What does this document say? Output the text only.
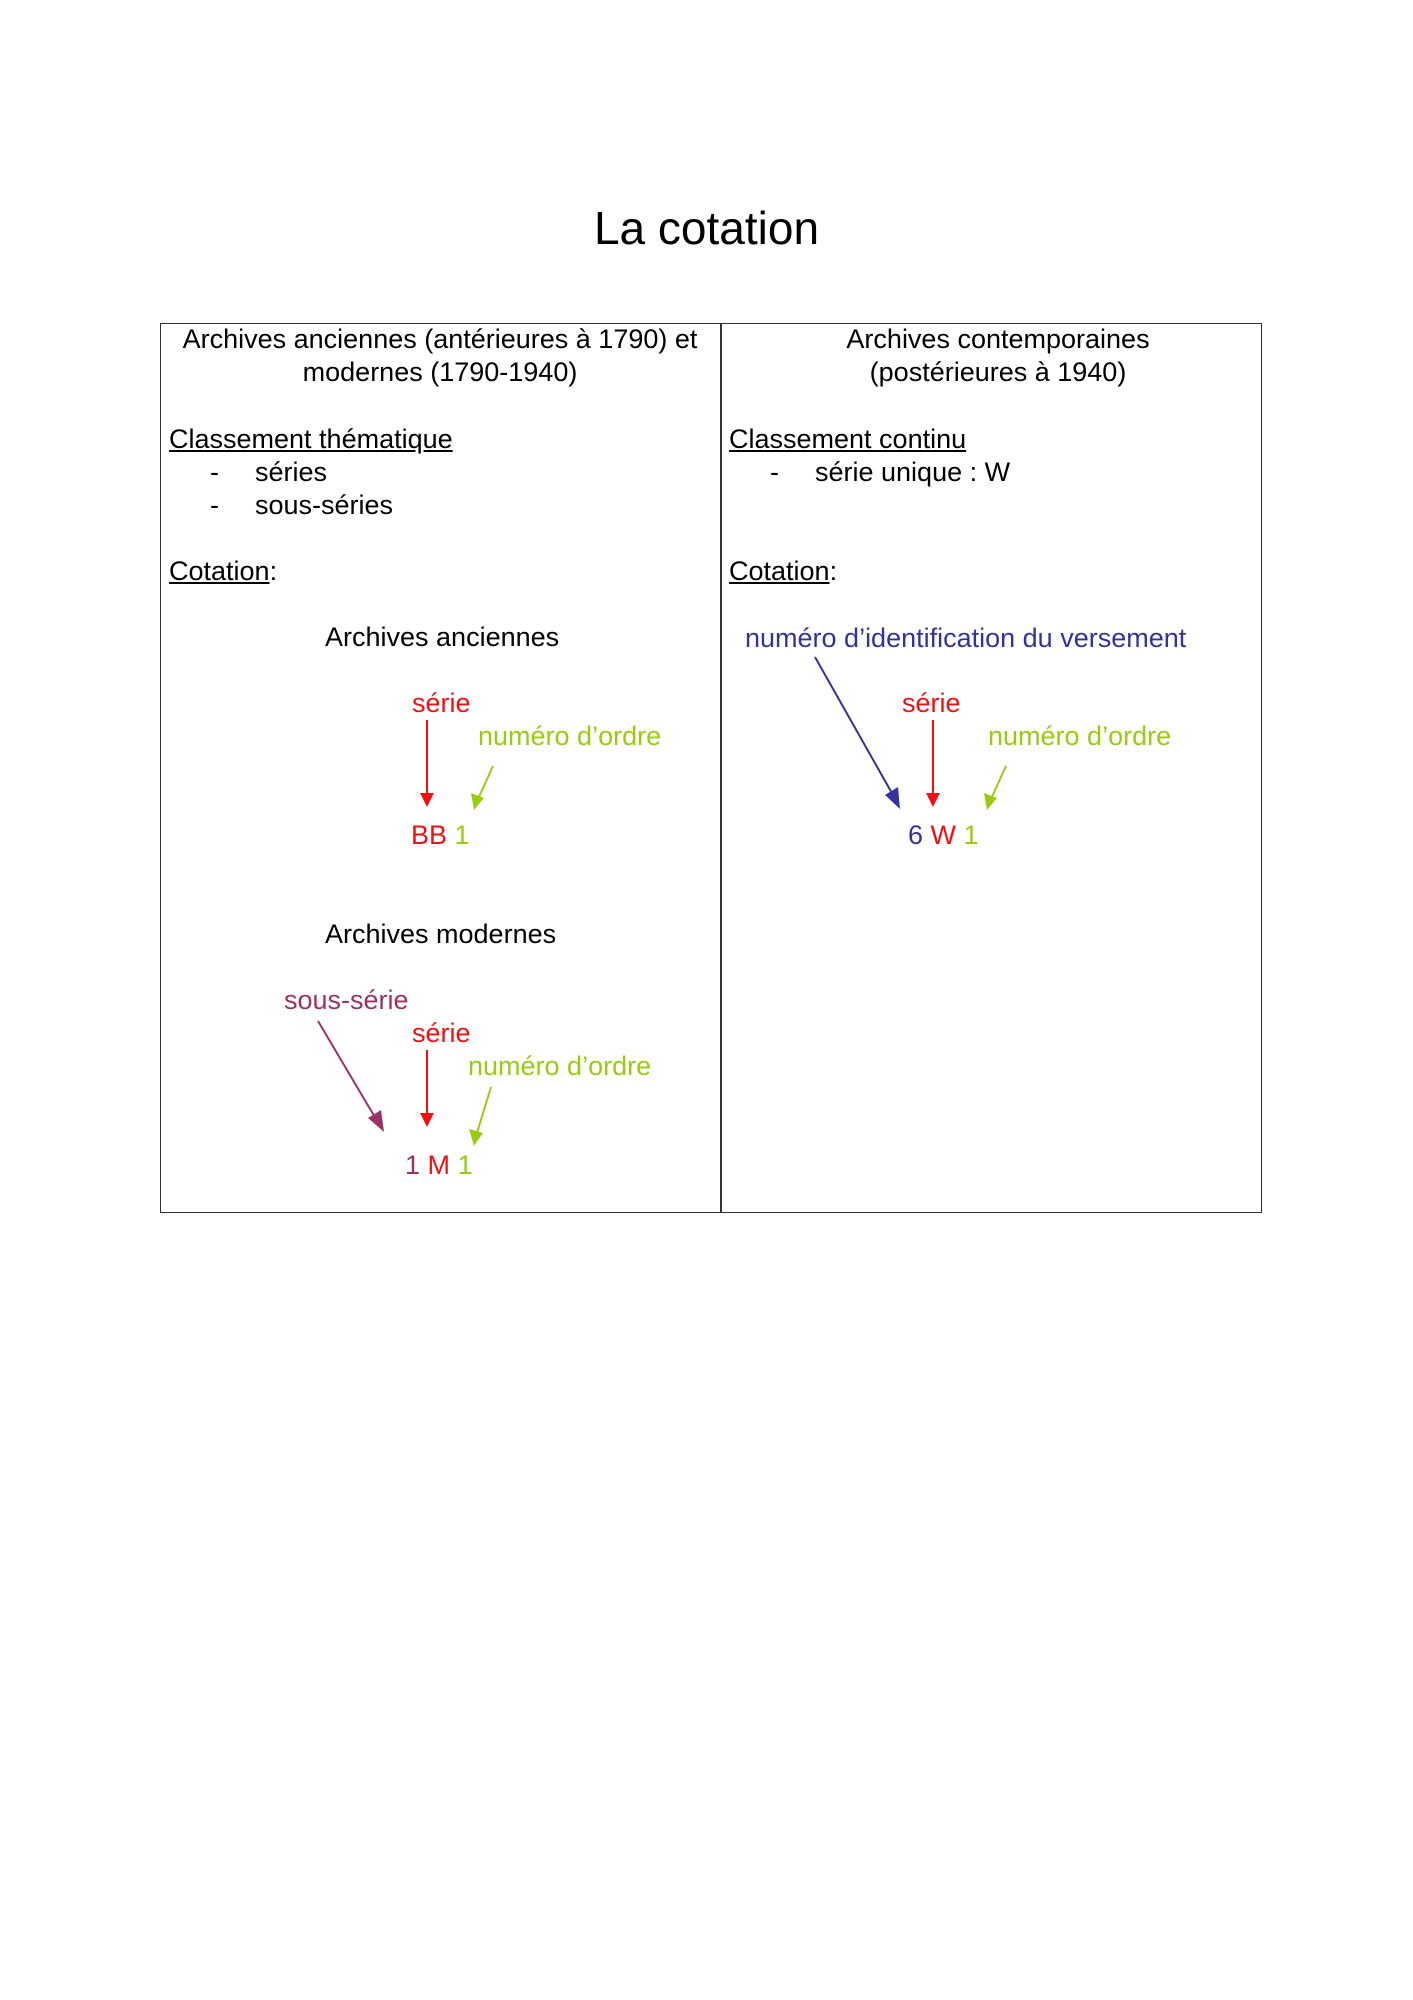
La cotation
Archives anciennes (antérieures à 1790) et
modernes (1790-1940)
Classement thématique
- séries
- sous-séries
Cotation:
Archives anciennes
série
numéro d’ordre
BB 1
Archives modernes
sous-série
série
numéro d’ordre
1 M 1
Archives contemporaines
(postérieures à 1940)
Classement continu
- série unique : W
Cotation:
numéro d’identification du versement
série
numéro d’ordre
6 W 1
